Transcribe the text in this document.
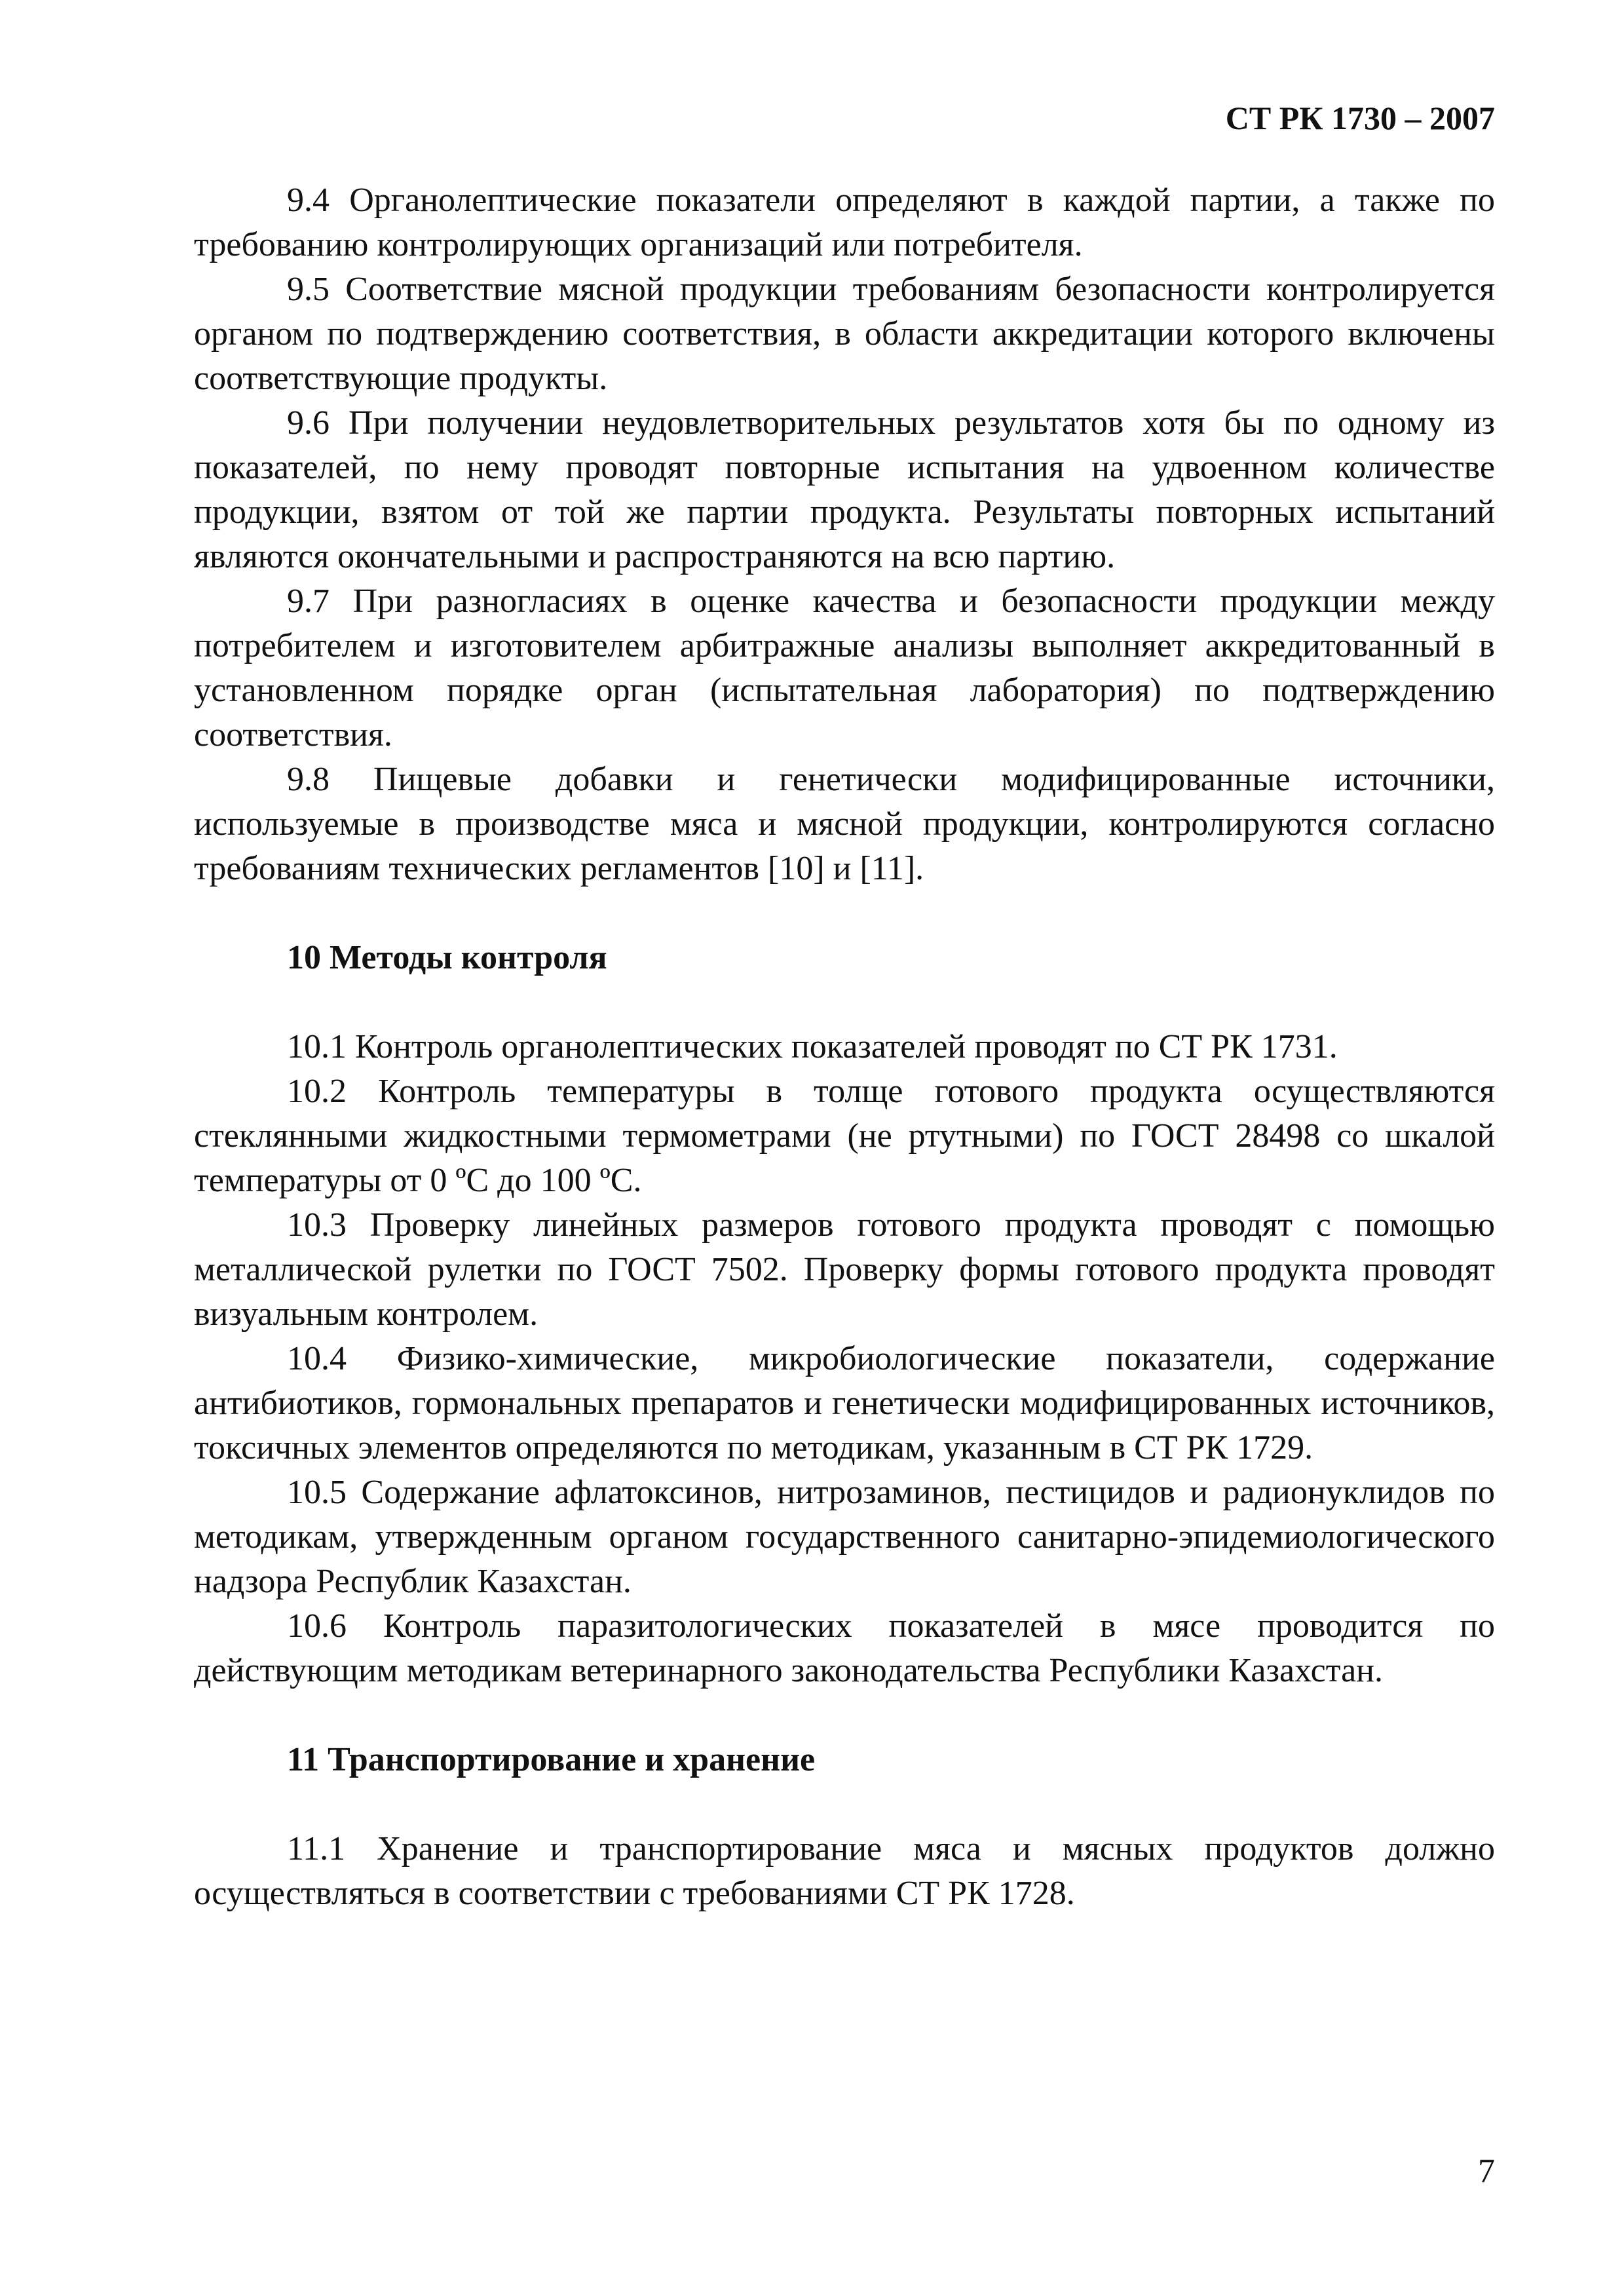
СТ РК 1730 – 2007

9.4 Органолептические показатели определяют в каждой партии, а также по требованию контролирующих организаций или потребителя.

9.5 Соответствие мясной продукции требованиям безопасности контролируется органом по подтверждению соответствия, в области аккредитации которого включены соответствующие продукты.

9.6 При получении неудовлетворительных результатов хотя бы по одному из показателей, по нему проводят повторные испытания на удвоенном количестве продукции, взятом от той же партии продукта. Результаты повторных испытаний являются окончательными и распространяются на всю партию.

9.7 При разногласиях в оценке качества и безопасности продукции между потребителем и изготовителем арбитражные анализы выполняет аккредитованный в установленном порядке орган (испытательная лаборатория) по подтверждению соответствия.

9.8 Пищевые добавки и генетически модифицированные источники, используемые в производстве мяса и мясной продукции, контролируются согласно требованиям технических регламентов [10] и [11].

10 Методы контроля

10.1 Контроль органолептических показателей проводят по СТ РК 1731.

10.2 Контроль температуры в толще готового продукта осуществляются стеклянными жидкостными термометрами (не ртутными) по ГОСТ 28498 со шкалой температуры от 0 ºС до 100 ºС.

10.3 Проверку линейных размеров готового продукта проводят с помощью металлической рулетки по ГОСТ 7502. Проверку формы готового продукта проводят визуальным контролем.

10.4 Физико-химические, микробиологические показатели, содержание антибиотиков, гормональных препаратов и генетически модифицированных источников, токсичных элементов определяются по методикам, указанным в СТ РК 1729.

10.5 Содержание афлатоксинов, нитрозаминов, пестицидов и радионуклидов по методикам, утвержденным органом государственного санитарно-эпидемиологического надзора Республик Казахстан.

10.6 Контроль паразитологических показателей в мясе проводится по действующим методикам ветеринарного законодательства Республики Казахстан.

11 Транспортирование и хранение

11.1 Хранение и транспортирование мяса и мясных продуктов должно осуществляться в соответствии с требованиями СТ РК 1728.

7
